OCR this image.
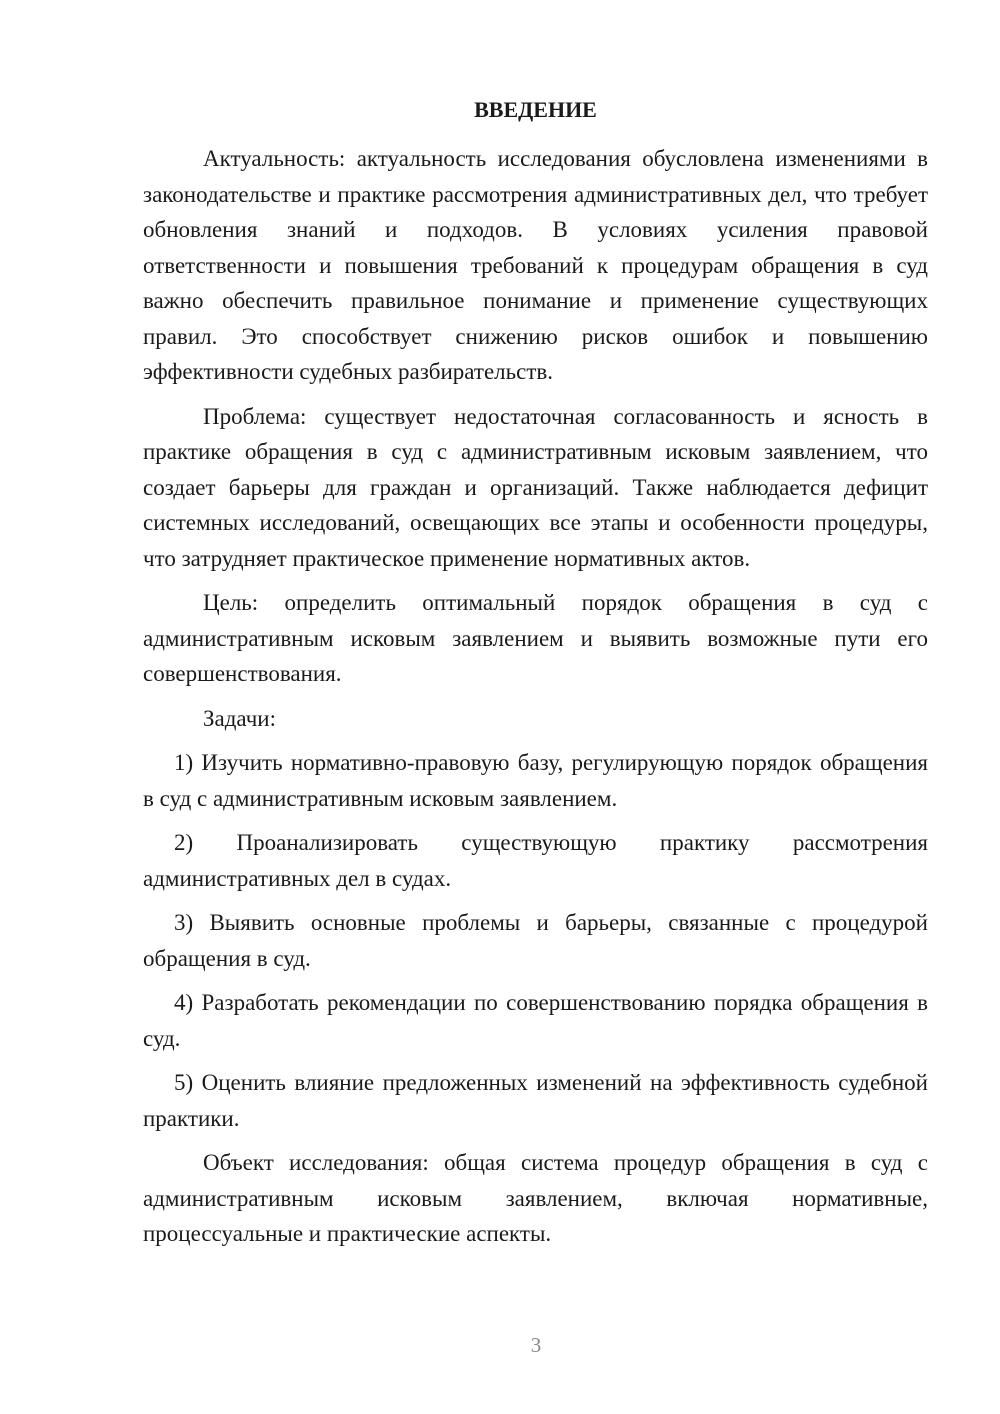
ВВЕДЕНИЕ

Актуальность: актуальность исследования обусловлена изменениями в законодательстве и практике рассмотрения административных дел, что требует обновления знаний и подходов. В условиях усиления правовой ответственности и повышения требований к процедурам обращения в суд важно обеспечить правильное понимание и применение существующих правил. Это способствует снижению рисков ошибок и повышению эффективности судебных разбирательств.

Проблема: существует недостаточная согласованность и ясность в практике обращения в суд с административным исковым заявлением, что создает барьеры для граждан и организаций. Также наблюдается дефицит системных исследований, освещающих все этапы и особенности процедуры, что затрудняет практическое применение нормативных актов.

Цель: определить оптимальный порядок обращения в суд с административным исковым заявлением и выявить возможные пути его совершенствования.

Задачи:

1) Изучить нормативно-правовую базу, регулирующую порядок обращения в суд с административным исковым заявлением.

2) Проанализировать существующую практику рассмотрения административных дел в судах.

3) Выявить основные проблемы и барьеры, связанные с процедурой обращения в суд.

4) Разработать рекомендации по совершенствованию порядка обращения в суд.

5) Оценить влияние предложенных изменений на эффективность судебной практики.

Объект исследования: общая система процедур обращения в суд с административным исковым заявлением, включая нормативные, процессуальные и практические аспекты.

3
